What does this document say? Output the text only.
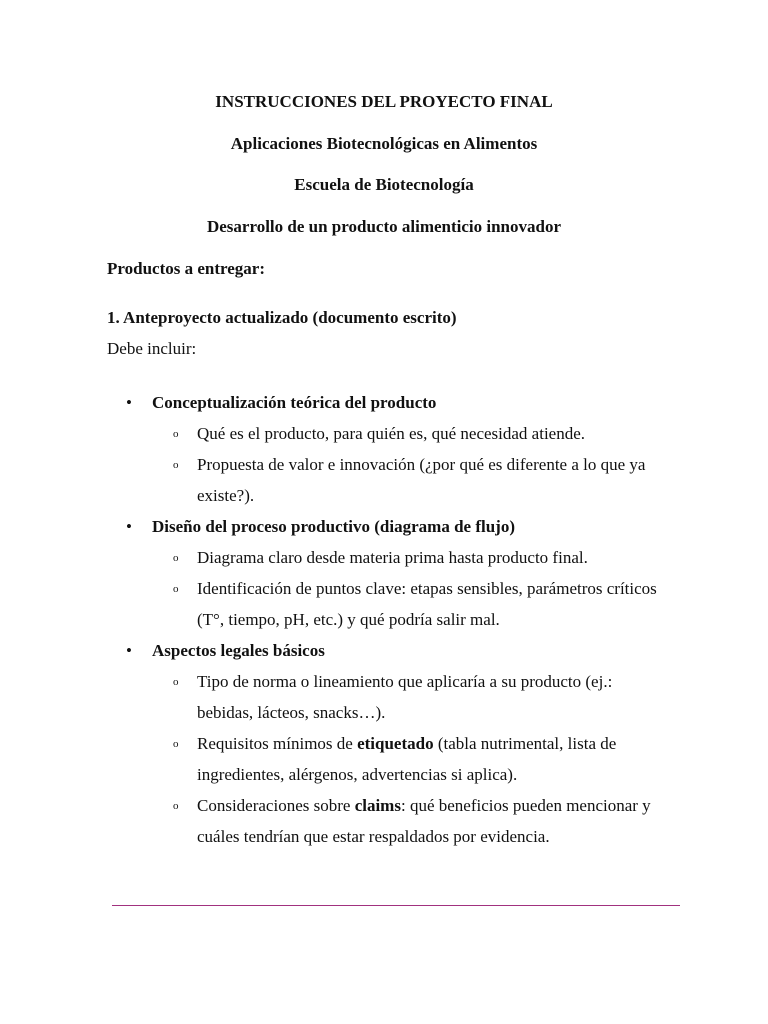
INSTRUCCIONES DEL PROYECTO FINAL
Aplicaciones Biotecnológicas en Alimentos
Escuela de Biotecnología
Desarrollo de un producto alimenticio innovador
Productos a entregar:
1. Anteproyecto actualizado (documento escrito)
Debe incluir:
• Conceptualización teórica del producto
o Qué es el producto, para quién es, qué necesidad atiende.
o Propuesta de valor e innovación (¿por qué es diferente a lo que ya existe?).
• Diseño del proceso productivo (diagrama de flujo)
o Diagrama claro desde materia prima hasta producto final.
o Identificación de puntos clave: etapas sensibles, parámetros críticos (T°, tiempo, pH, etc.) y qué podría salir mal.
• Aspectos legales básicos
o Tipo de norma o lineamiento que aplicaría a su producto (ej.: bebidas, lácteos, snacks…).
o Requisitos mínimos de etiquetado (tabla nutrimental, lista de ingredientes, alérgenos, advertencias si aplica).
o Consideraciones sobre claims: qué beneficios pueden mencionar y cuáles tendrían que estar respaldados por evidencia.
